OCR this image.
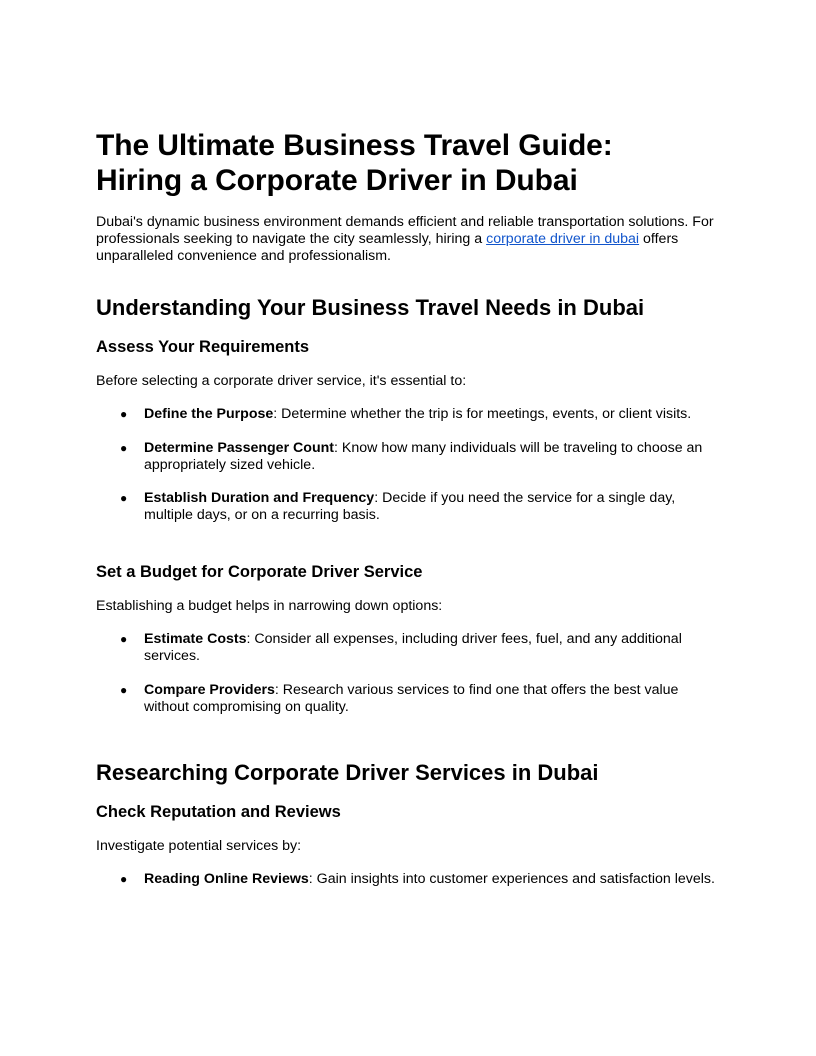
The Ultimate Business Travel Guide:
Hiring a Corporate Driver in Dubai

Dubai's dynamic business environment demands efficient and reliable transportation solutions. For professionals seeking to navigate the city seamlessly, hiring a corporate driver in dubai offers unparalleled convenience and professionalism.

Understanding Your Business Travel Needs in Dubai
Assess Your Requirements

Before selecting a corporate driver service, it's essential to:

● Define the Purpose: Determine whether the trip is for meetings, events, or client visits.
● Determine Passenger Count: Know how many individuals will be traveling to choose an appropriately sized vehicle.
● Establish Duration and Frequency: Decide if you need the service for a single day, multiple days, or on a recurring basis.
Set a Budget for Corporate Driver Service

Establishing a budget helps in narrowing down options:

● Estimate Costs: Consider all expenses, including driver fees, fuel, and any additional services.
● Compare Providers: Research various services to find one that offers the best value without compromising on quality.
Researching Corporate Driver Services in Dubai
Check Reputation and Reviews

Investigate potential services by:

● Reading Online Reviews: Gain insights into customer experiences and satisfaction levels.
